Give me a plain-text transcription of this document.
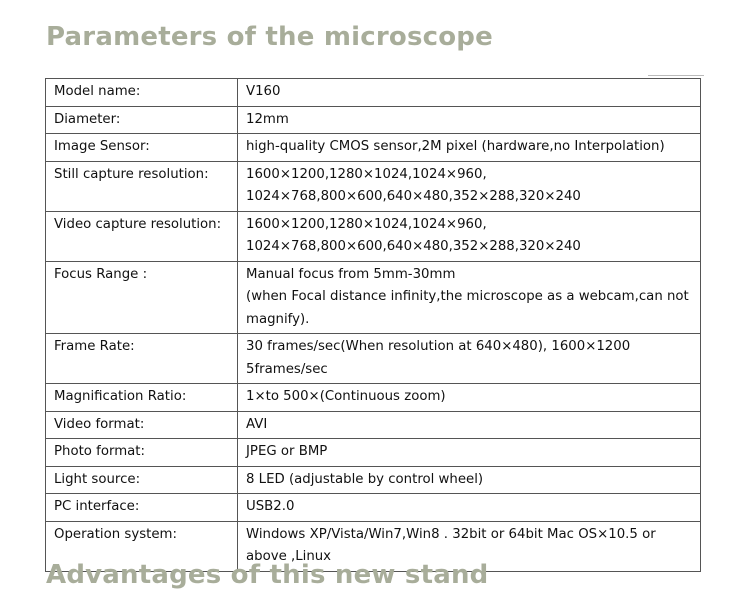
Parameters of the microscope
Model name:	V160

Diameter:	12mm

Image Sensor:	high-quality CMOS sensor,2M pixel (hardware,no Interpolation)

Still capture resolution:	1600×1200,1280×1024,1024×960,
1024×768,800×600,640×480,352×288,320×240

Video capture resolution:	1600×1200,1280×1024,1024×960,
1024×768,800×600,640×480,352×288,320×240

Focus Range :	Manual focus from 5mm-30mm
(when Focal distance infinity,the microscope as a webcam,can not
magnify).

Frame Rate:	30 frames/sec(When resolution at 640×480), 1600×1200
5frames/sec

Magnification Ratio:	1×to 500×(Continuous zoom)

Video format:	AVI

Photo format:	JPEG or BMP

Light source:	8 LED (adjustable by control wheel)

PC interface:	USB2.0

Operation system:	Windows XP/Vista/Win7,Win8 . 32bit or 64bit Mac OS×10.5 or
above ,Linux
Advantages of this new stand
